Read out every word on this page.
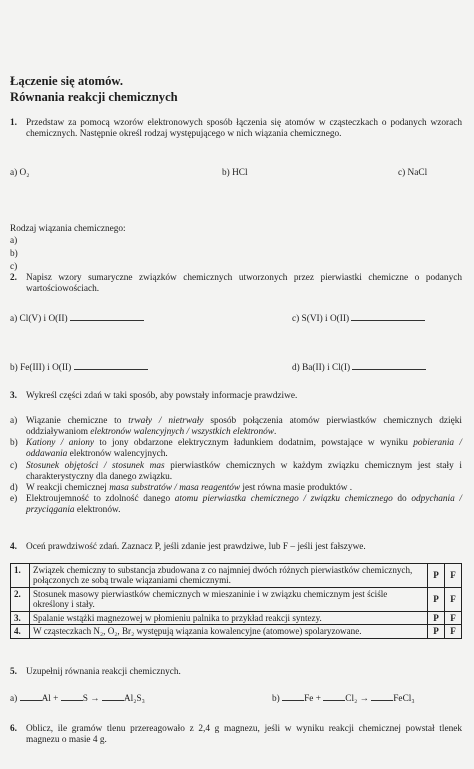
Łączenie się atomów.
Równania reakcji chemicznych
1. Przedstaw za pomocą wzorów elektronowych sposób łączenia się atomów w cząsteczkach o podanych wzorach chemicznych. Następnie określ rodzaj występującego w nich wiązania chemicznego.
a) O₂	b) HCl	c) NaCl
Rodzaj wiązania chemicznego:
a)
b)
c)
2. Napisz wzory sumaryczne związków chemicznych utworzonych przez pierwiastki chemiczne o podanych wartościowościach.
a) Cl(V) i O(II)	c) S(VI) i O(II)
b) Fe(III) i O(II)	d) Ba(II) i Cl(I)
3. Wykreśl części zdań w taki sposób, aby powstały informacje prawdziwe.
a) Wiązanie chemiczne to trwały / nietrwały sposób połączenia atomów pierwiastków chemicznych dzięki oddziaływaniom elektronów walencyjnych / wszystkich elektronów.
b) Kationy / aniony to jony obdarzone elektrycznym ładunkiem dodatnim, powstające w wyniku pobierania / oddawania elektronów walencyjnych.
c) Stosunek objętości / stosunek mas pierwiastków chemicznych w każdym związku chemicznym jest stały i charakterystyczny dla danego związku.
d) W reakcji chemicznej masa substratów / masa reagentów jest równa masie produktów .
e) Elektroujemność to zdolność danego atomu pierwiastka chemicznego / związku chemicznego do odpychania / przyciągania elektronów.
4. Oceń prawdziwość zdań. Zaznacz P, jeśli zdanie jest prawdziwe, lub F – jeśli jest fałszywe.
1.	Związek chemiczny to substancja zbudowana z co najmniej dwóch różnych pierwiastków chemicznych, połączonych ze sobą trwale wiązaniami chemicznymi.	P	F
2.	Stosunek masowy pierwiastków chemicznych w mieszaninie i w związku chemicznym jest ściśle określony i stały.	P	F
3.	Spalanie wstążki magnezowej w płomieniu palnika to przykład reakcji syntezy.	P	F
4.	W cząsteczkach N₂, O₂, Br₂ występują wiązania kowalencyjne (atomowe) spolaryzowane.	P	F
5. Uzupełnij równania reakcji chemicznych.
a)	Al +	S →	Al₂S₃	b)	Fe +	Cl₂ →	FeCl₃
6. Oblicz, ile gramów tlenu przereagowało z 2,4 g magnezu, jeśli w wyniku reakcji chemicznej powstał tlenek magnezu o masie 4 g.
